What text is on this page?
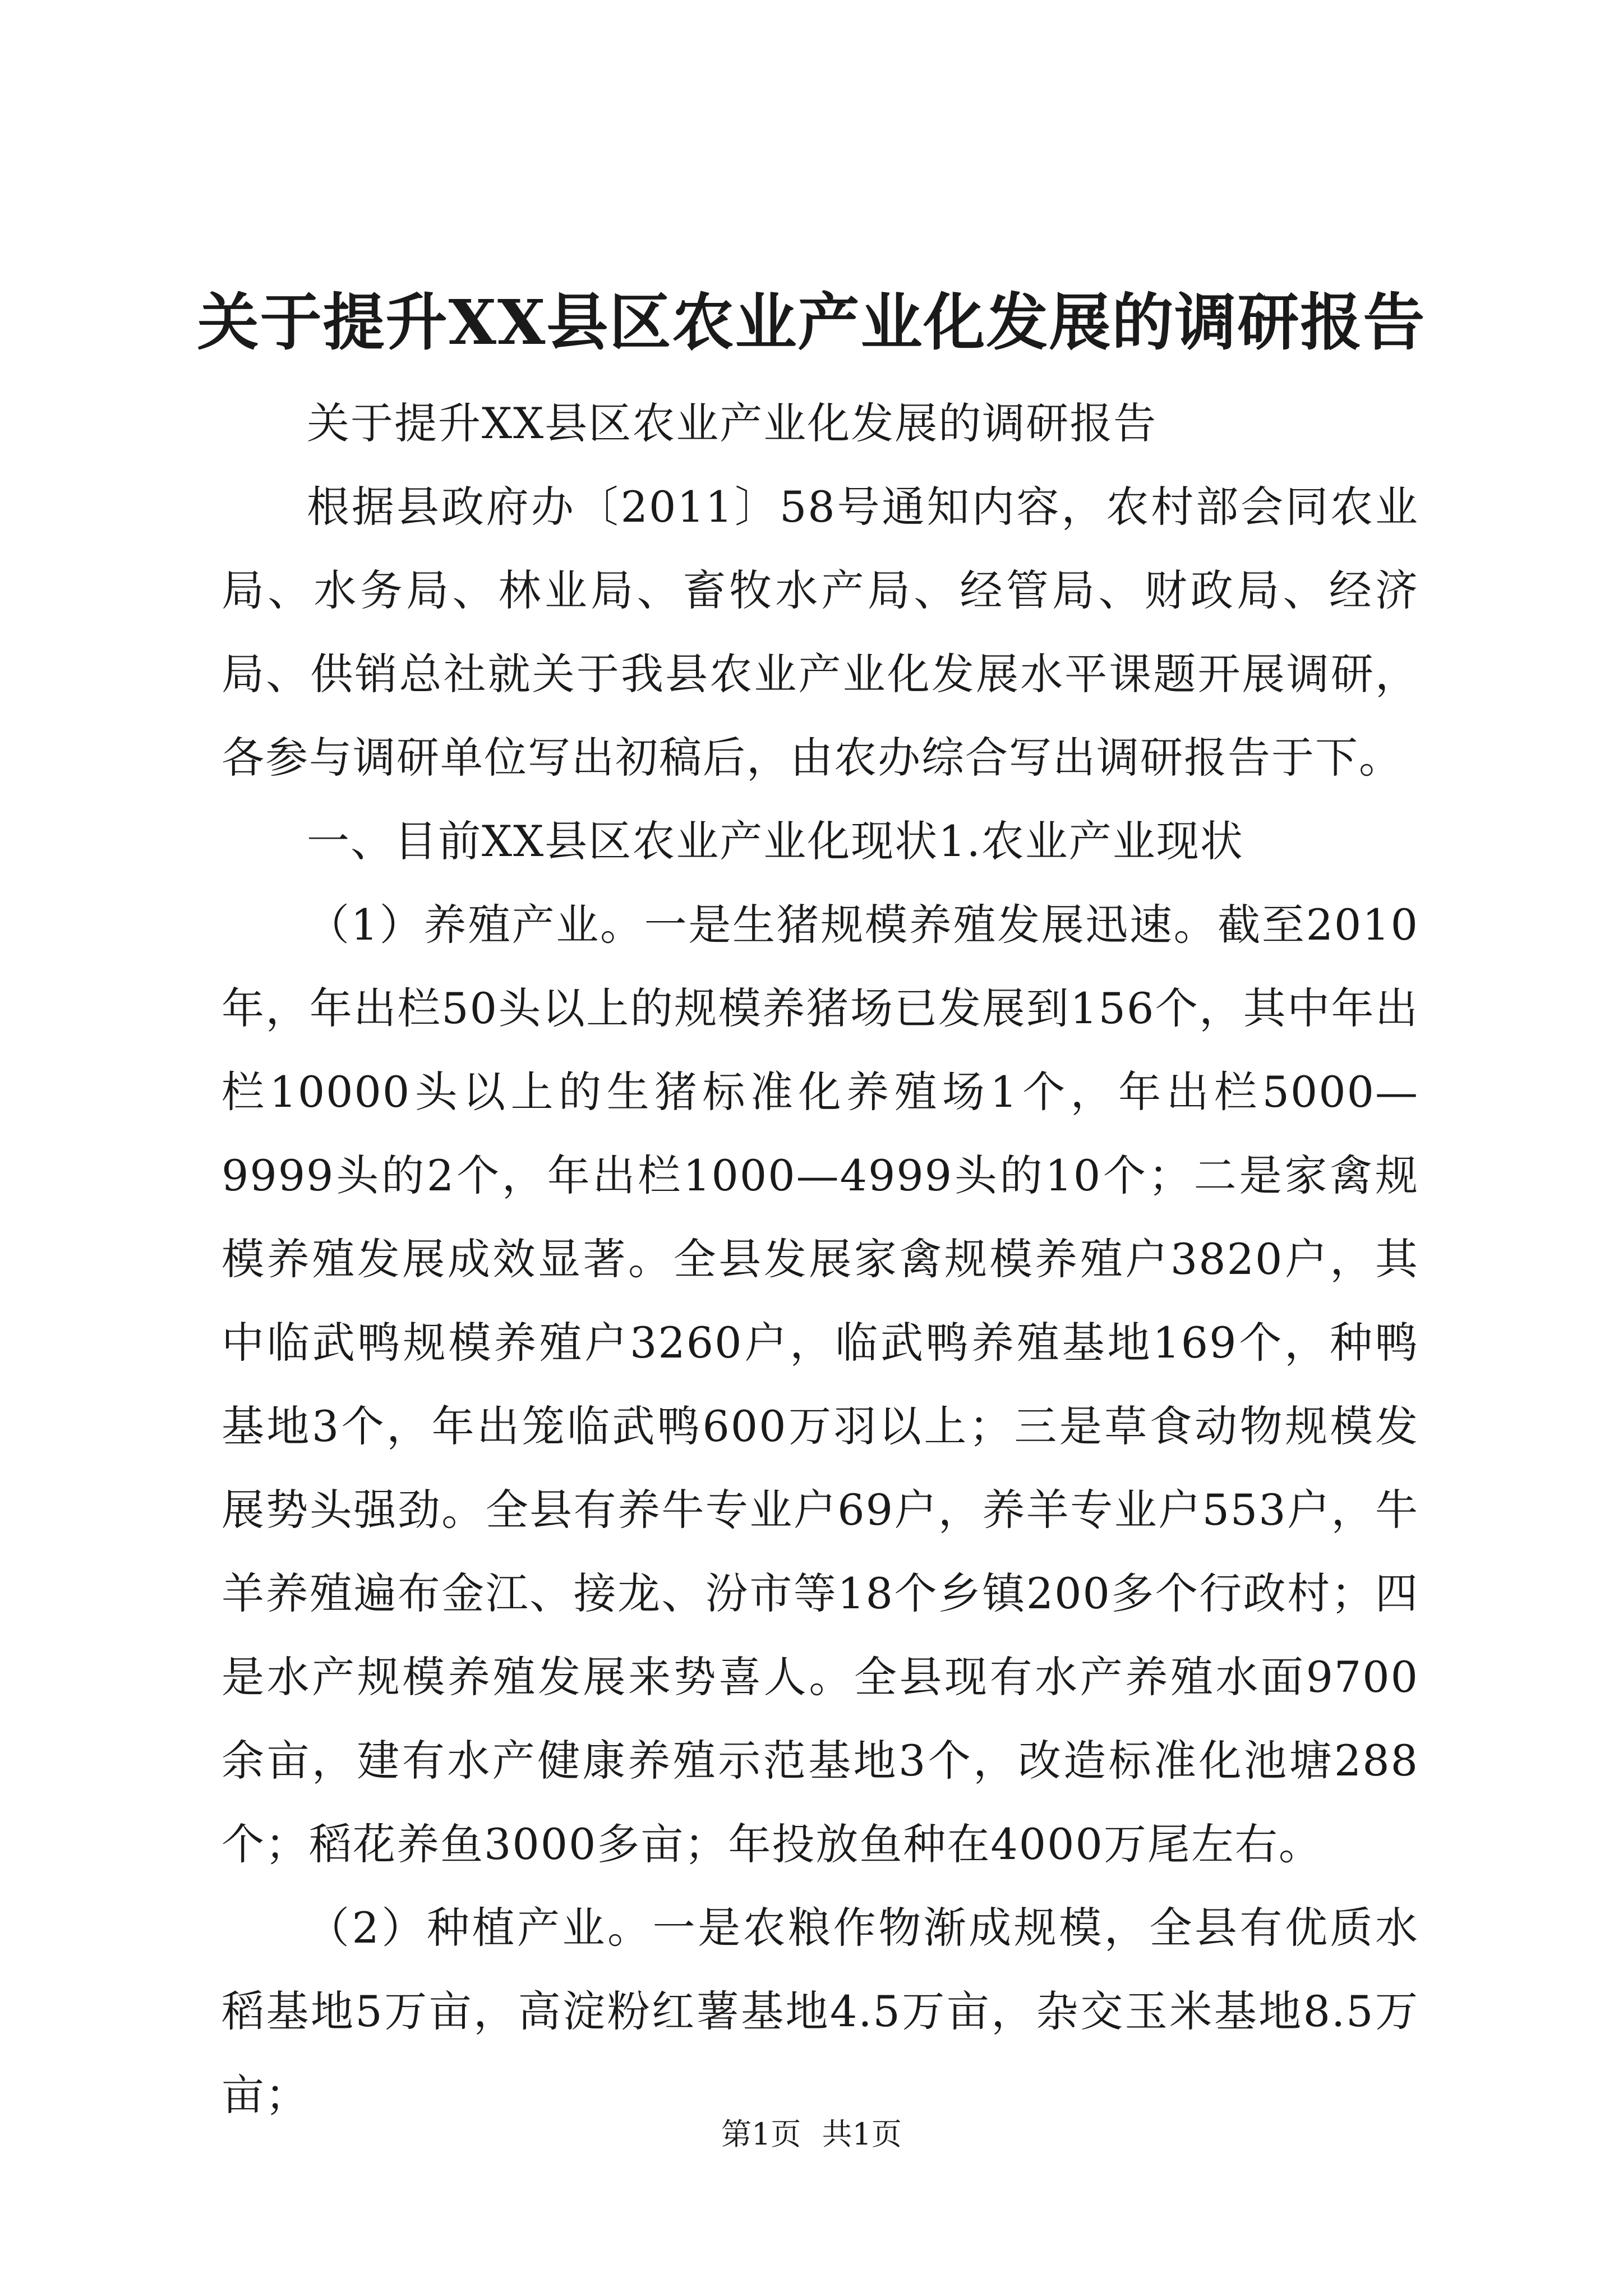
关于提升XX县区农业产业化发展的调研报告

关于提升XX县区农业产业化发展的调研报告

根据县政府办〔2011〕58号通知内容，农村部会同农业局、水务局、林业局、畜牧水产局、经管局、财政局、经济局、供销总社就关于我县农业产业化发展水平课题开展调研，各参与调研单位写出初稿后，由农办综合写出调研报告于下。

一、目前XX县区农业产业化现状1.农业产业现状

（1）养殖产业。一是生猪规模养殖发展迅速。截至2010年，年出栏50头以上的规模养猪场已发展到156个，其中年出栏10000头以上的生猪标准化养殖场1个，年出栏5000—9999头的2个，年出栏1000—4999头的10个；二是家禽规模养殖发展成效显著。全县发展家禽规模养殖户3820户，其中临武鸭规模养殖户3260户，临武鸭养殖基地169个，种鸭基地3个，年出笼临武鸭600万羽以上；三是草食动物规模发展势头强劲。全县有养牛专业户69户，养羊专业户553户，牛羊养殖遍布金江、接龙、汾市等18个乡镇200多个行政村；四是水产规模养殖发展来势喜人。全县现有水产养殖水面9700余亩，建有水产健康养殖示范基地3个，改造标准化池塘288个；稻花养鱼3000多亩；年投放鱼种在4000万尾左右。

（2）种植产业。一是农粮作物渐成规模，全县有优质水稻基地5万亩，高淀粉红薯基地4.5万亩，杂交玉米基地8.5万亩；

第1页 共1页
